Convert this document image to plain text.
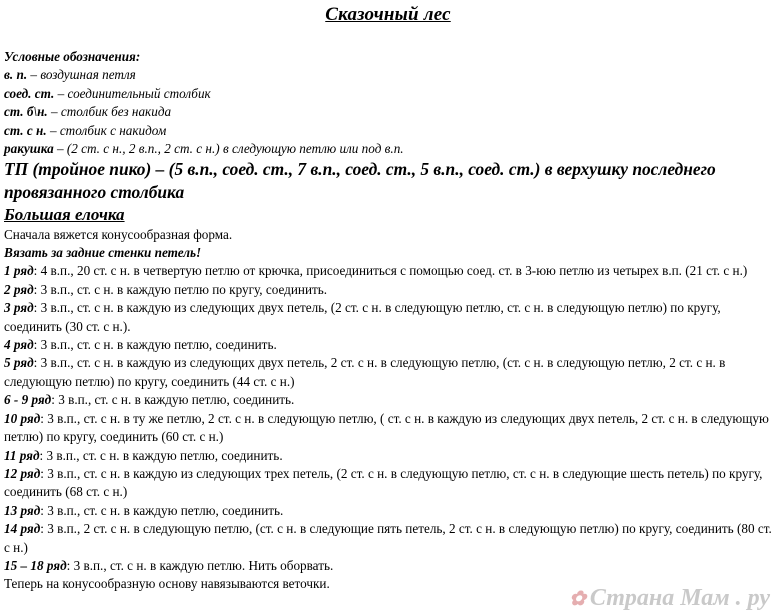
Сказочный лес
Условные обозначения:
в. п. – воздушная петля
соед. ст. – соединительный столбик
ст. б\н. – столбик без накида
ст. с н. – столбик с накидом
ракушка – (2 ст. с н., 2 в.п., 2 ст. с н.) в следующую петлю или под в.п.
ТП (тройное пико) – (5 в.п., соед. ст., 7 в.п., соед. ст., 5 в.п., соед. ст.) в верхушку последнего провязанного столбика
Большая елочка
Сначала вяжется конусообразная форма.
Вязать за задние стенки петель!
1 ряд: 4 в.п., 20 ст. с н. в четвертую петлю от крючка, присоединиться с помощью соед. ст. в 3-юю петлю из четырех в.п. (21 ст. с н.)
2 ряд: 3 в.п., ст. с н. в каждую петлю по кругу, соединить.
3 ряд: 3 в.п., ст. с н. в каждую из следующих двух петель, (2 ст. с н. в следующую петлю, ст. с н. в следующую петлю) по кругу, соединить (30 ст. с н.).
4 ряд: 3 в.п., ст. с н. в каждую петлю, соединить.
5 ряд: 3 в.п., ст. с н. в каждую из следующих двух петель, 2 ст. с н. в следующую петлю, (ст. с н. в следующую петлю, 2 ст. с н. в следующую петлю) по кругу, соединить (44 ст. с н.)
6 - 9 ряд: 3 в.п., ст. с н. в каждую петлю, соединить.
10 ряд: 3 в.п., ст. с н. в ту же петлю, 2 ст. с н. в следующую петлю, ( ст. с н. в каждую из следующих двух петель, 2 ст. с н. в следующую петлю) по кругу, соединить (60 ст. с н.)
11 ряд: 3 в.п., ст. с н. в каждую петлю, соединить.
12 ряд: 3 в.п., ст. с н. в каждую из следующих трех петель, (2 ст. с н. в следующую петлю, ст. с н. в следующие шесть петель) по кругу, соединить (68 ст. с н.)
13 ряд: 3 в.п., ст. с н. в каждую петлю, соединить.
14 ряд: 3 в.п., 2 ст. с н. в следующую петлю, (ст. с н. в следующие пять петель, 2 ст. с н. в следующую петлю) по кругу, соединить (80 ст. с н.)
15 – 18 ряд: 3 в.п., ст. с н. в каждую петлю. Нить оборвать.
Теперь на конусообразную основу навязываются веточки.
✿ Страна Мам . ру
